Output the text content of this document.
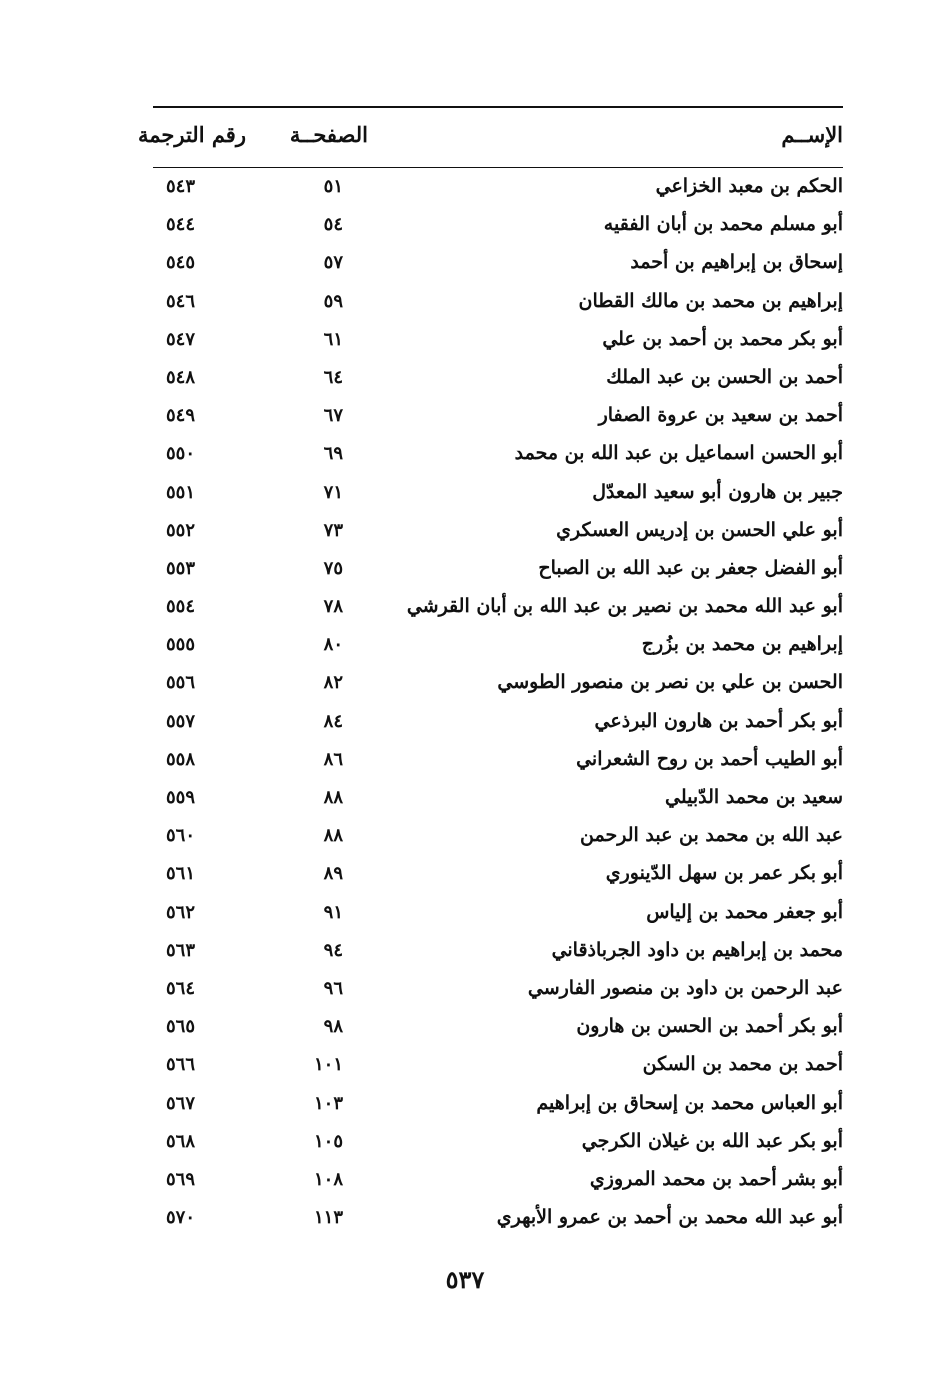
الإســم
الصفحــة
رقم الترجمة
الحكم بن معبد الخزاعي
٥١
٥٤٣
أبو مسلم محمد بن أبان الفقيه
٥٤
٥٤٤
إسحاق بن إبراهيم بن أحمد
٥٧
٥٤٥
إبراهيم بن محمد بن مالك القطان
٥٩
٥٤٦
أبو بكر محمد بن أحمد بن علي
٦١
٥٤٧
أحمد بن الحسن بن عبد الملك
٦٤
٥٤٨
أحمد بن سعيد بن عروة الصفار
٦٧
٥٤٩
أبو الحسن اسماعيل بن عبد الله بن محمد
٦٩
٥٥٠
جبير بن هارون أبو سعيد المعدّل
٧١
٥٥١
أبو علي الحسن بن إدريس العسكري
٧٣
٥٥٢
أبو الفضل جعفر بن عبد الله بن الصباح
٧٥
٥٥٣
أبو عبد الله محمد بن نصير بن عبد الله بن أبان القرشي
٧٨
٥٥٤
إبراهيم بن محمد بن بزُرج
٨٠
٥٥٥
الحسن بن علي بن نصر بن منصور الطوسي
٨٢
٥٥٦
أبو بكر أحمد بن هارون البرذعي
٨٤
٥٥٧
أبو الطيب أحمد بن روح الشعراني
٨٦
٥٥٨
سعيد بن محمد الدّبيلي
٨٨
٥٥٩
عبد الله بن محمد بن عبد الرحمن
٨٨
٥٦٠
أبو بكر عمر بن سهل الدّينوري
٨٩
٥٦١
أبو جعفر محمد بن إلياس
٩١
٥٦٢
محمد بن إبراهيم بن داود الجرباذقاني
٩٤
٥٦٣
عبد الرحمن بن داود بن منصور الفارسي
٩٦
٥٦٤
أبو بكر أحمد بن الحسن بن هارون
٩٨
٥٦٥
أحمد بن محمد بن السكن
١٠١
٥٦٦
أبو العباس محمد بن إسحاق بن إبراهيم
١٠٣
٥٦٧
أبو بكر عبد الله بن غيلان الكرجي
١٠٥
٥٦٨
أبو بشر أحمد بن محمد المروزي
١٠٨
٥٦٩
أبو عبد الله محمد بن أحمد بن عمرو الأبهري
١١٣
٥٧٠
٥٣٧
